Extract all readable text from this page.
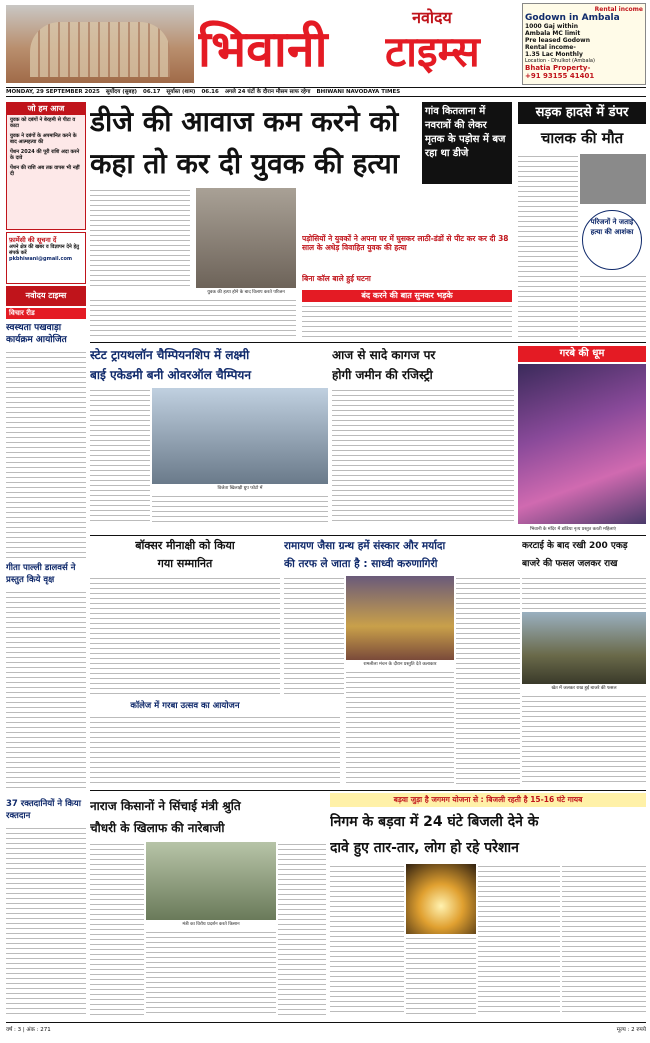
नवोदय
भिवानी	टाइम्स
Rental income
Godown in Ambala
1000 Gaj within
Ambala MC limit
Pre leased Godown
Rental income-
1.35 Lac Monthly
Location - Dhulkot (Ambala)
Bhatia Property-
+91 93155 41401
MONDAY, 29 SEPTEMBER 2025 सूर्योदय (सुबह) 06.17 सूर्यास्त (शाम) 06.16 अगले 24 घंटों के दौरान मौसम साफ रहेगा BHIWANI NAVODAYA TIMES
जो हम आज
युवक को दबंगों ने बेरहमी से पीटा व काटा
युवक ने दबंगों के अपमानित करने के बाद आत्महत्या की
पेंशन 2024 की पूरी राशि अदा करने के दावे
पेंशन की राशि अब तक वापस भी नहीं दी
फ़ार्मेसी की सूचना दें
अपने क्षेत्र की खबर व विज्ञापन देने हेतु संपर्क करें
pkbhiwani@gmail.com
नवोदय टाइम्स
विचार रीड
स्वस्थता पखवाड़ा कार्यक्रम आयोजित
गीता पाल्ली डालवर्स ने प्रस्तुत किये वृक्ष
37 रक्तदानियों ने किया रक्तदान
डीजे की आवाज कम करने को
कहा तो कर दी युवक की हत्या
गांव कितलाना में नवरात्रों की लेकर मृतक के पड़ोस में बज रहा था डीजे
युवक की हत्या होने के बाद विलाप करते परिजन
पड़ोसियों ने युवकों ने अपना घर में घुसकर लाठी-डंडों से पीट कर कर दी 38 साल के अधेड़ विवाहित युवक की हत्या
बिना कॉल बाले हुई घटना
बंद करने की बात सुनकर भड़के
सड़क हादसे में डंपर
चालक की मौत
परिजनों ने जताई हत्या की आशंका
स्टेट ट्रायथलॉन चैम्पियनशिप में लक्ष्मी
बाई एकेडमी बनी ओवरऑल चैम्पियन
विजेता खिलाड़ी ग्रुप फोटो में
आज से सादे कागज पर
होगी जमीन की रजिस्ट्री
गरबे की धूम
भिवानी के मंदिर में डांडिया नृत्य प्रस्तुत करती महिलाएं
बॉक्सर मीनाक्षी को किया
गया सम्मानित
रामायण जैसा ग्रन्थ हमें संस्कार और मर्यादा
की तरफ ले जाता है : साध्वी करुणागिरी
रामलीला मंचन के दौरान प्रस्तुति देते कलाकार
कॉलेज में गरबा उत्सव का आयोजन
करटाई के बाद रखी 200 एकड़
बाजरे की फसल जलकर राख
खेत में जलकर राख हुई बाजरे की फसल
बड़वा जुड़ा है जगमग योजना से : बिजली रहती है 15-16 घंटे गायब
नाराज किसानों ने सिंचाई मंत्री श्रुति
चौधरी के खिलाफ की नारेबाजी
मंत्री का विरोध प्रदर्शन करते किसान
निगम के बड़वा में 24 घंटे बिजली देने के
दावे हुए तार-तार, लोग हो रहे परेशान
वर्ष : 3 | अंक : 271	मूल्य : 2 रुपये
